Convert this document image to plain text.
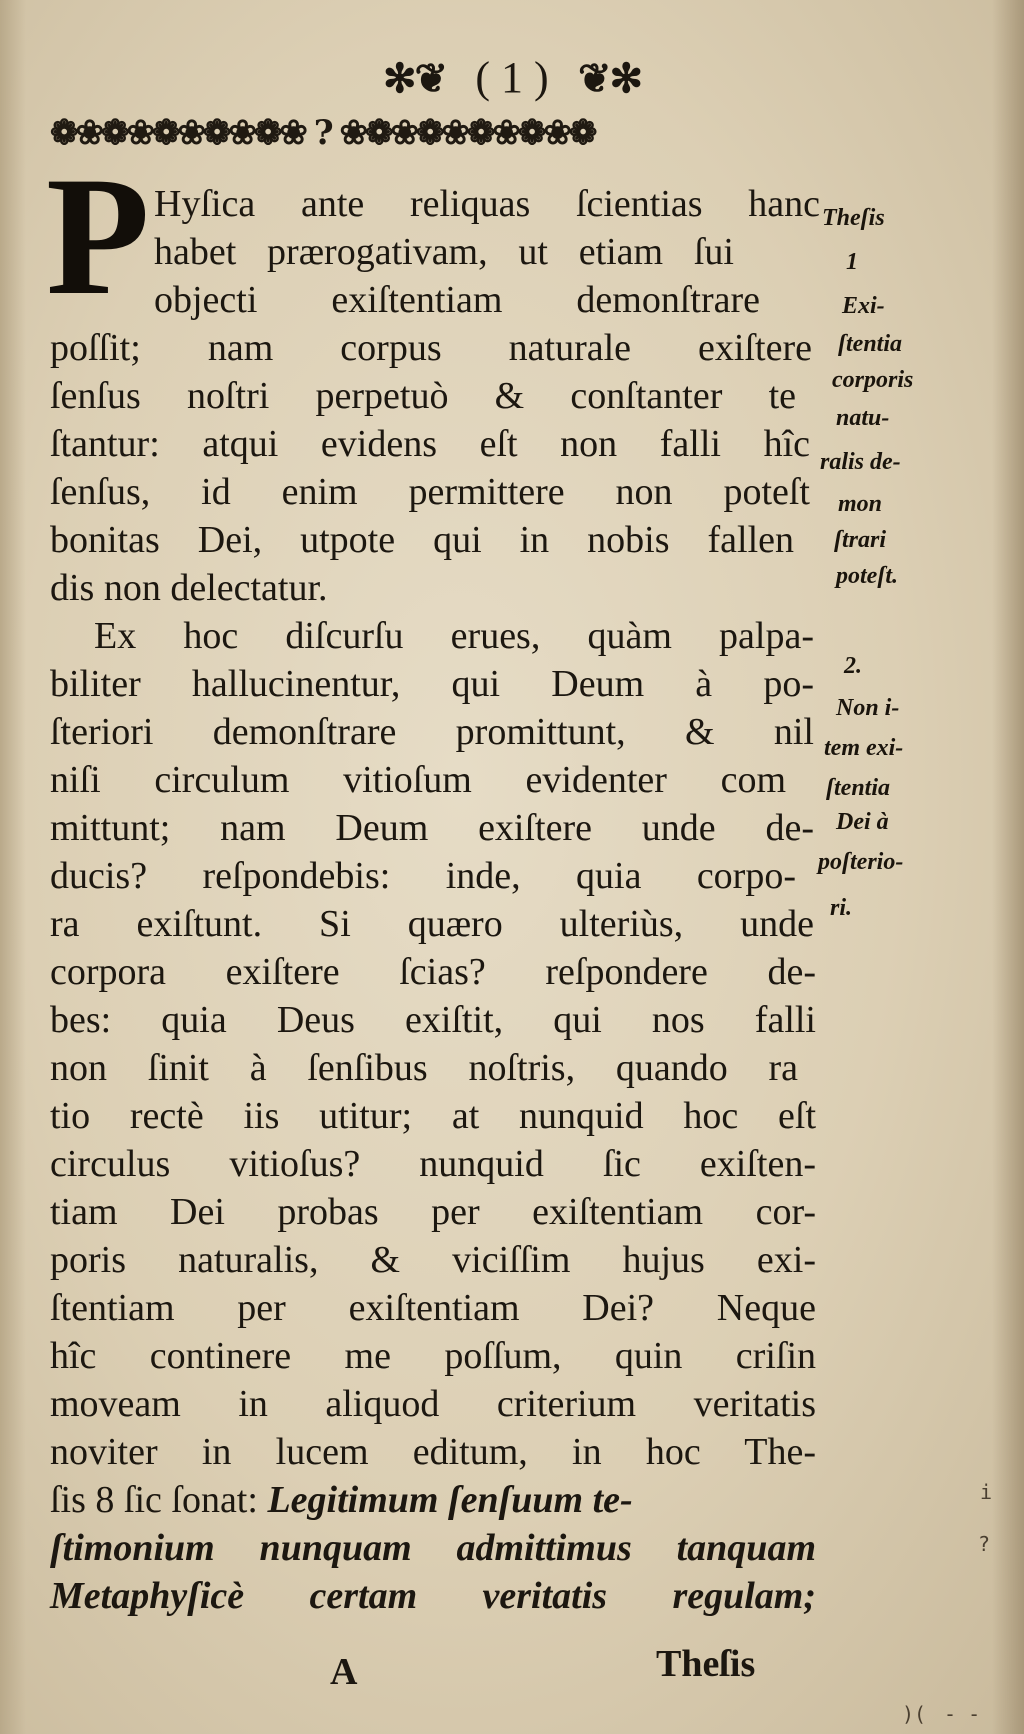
✻❦ ( 1 ) ❦✻
❁❀❁❀❁❀❁❀❁❀ ? ❀❁❀❁❀❁❀❁❀❁
P Hyſica ante reliquas ſcientias hanc
habet prærogativam, ut etiam ſui
objecti exiſtentiam demonſtrare
poſſit; nam corpus naturale exiſtere
ſenſus noſtri perpetuò & conſtanter te
ſtantur: atqui evidens eſt non falli hîc
ſenſus, id enim permittere non poteſt
bonitas Dei, utpote qui in nobis fallen
dis non delectatur.
Ex hoc diſcurſu erues, quàm palpa-
biliter hallucinentur, qui Deum à po-
ſteriori demonſtrare promittunt, & nil
niſi circulum vitioſum evidenter com
mittunt; nam Deum exiſtere unde de-
ducis? reſpondebis: inde, quia corpo-
ra exiſtunt. Si quæro ulteriùs, unde
corpora exiſtere ſcias? reſpondere de-
bes: quia Deus exiſtit, qui nos falli
non ſinit à ſenſibus noſtris, quando ra
tio rectè iis utitur; at nunquid hoc eſt
circulus vitioſus? nunquid ſic exiſten-
tiam Dei probas per exiſtentiam cor-
poris naturalis, & viciſſim hujus exi-
ſtentiam per exiſtentiam Dei? Neque
hîc continere me poſſum, quin criſin
moveam in aliquod criterium veritatis
noviter in lucem editum, in hoc The-
ſis 8 ſic ſonat: Legitimum ſenſuum te-
ſtimonium nunquam admittimus tanquam
Metaphyſicè certam veritatis regulam;
Theſis
1
Exi-
ſtentia
corporis
natu-
ralis de-
mon
ſtrari
poteſt.
2.
Non i-
tem exi-
ſtentia
Dei à
poſterio-
ri.
A	Theſis
i
?
)( - -
